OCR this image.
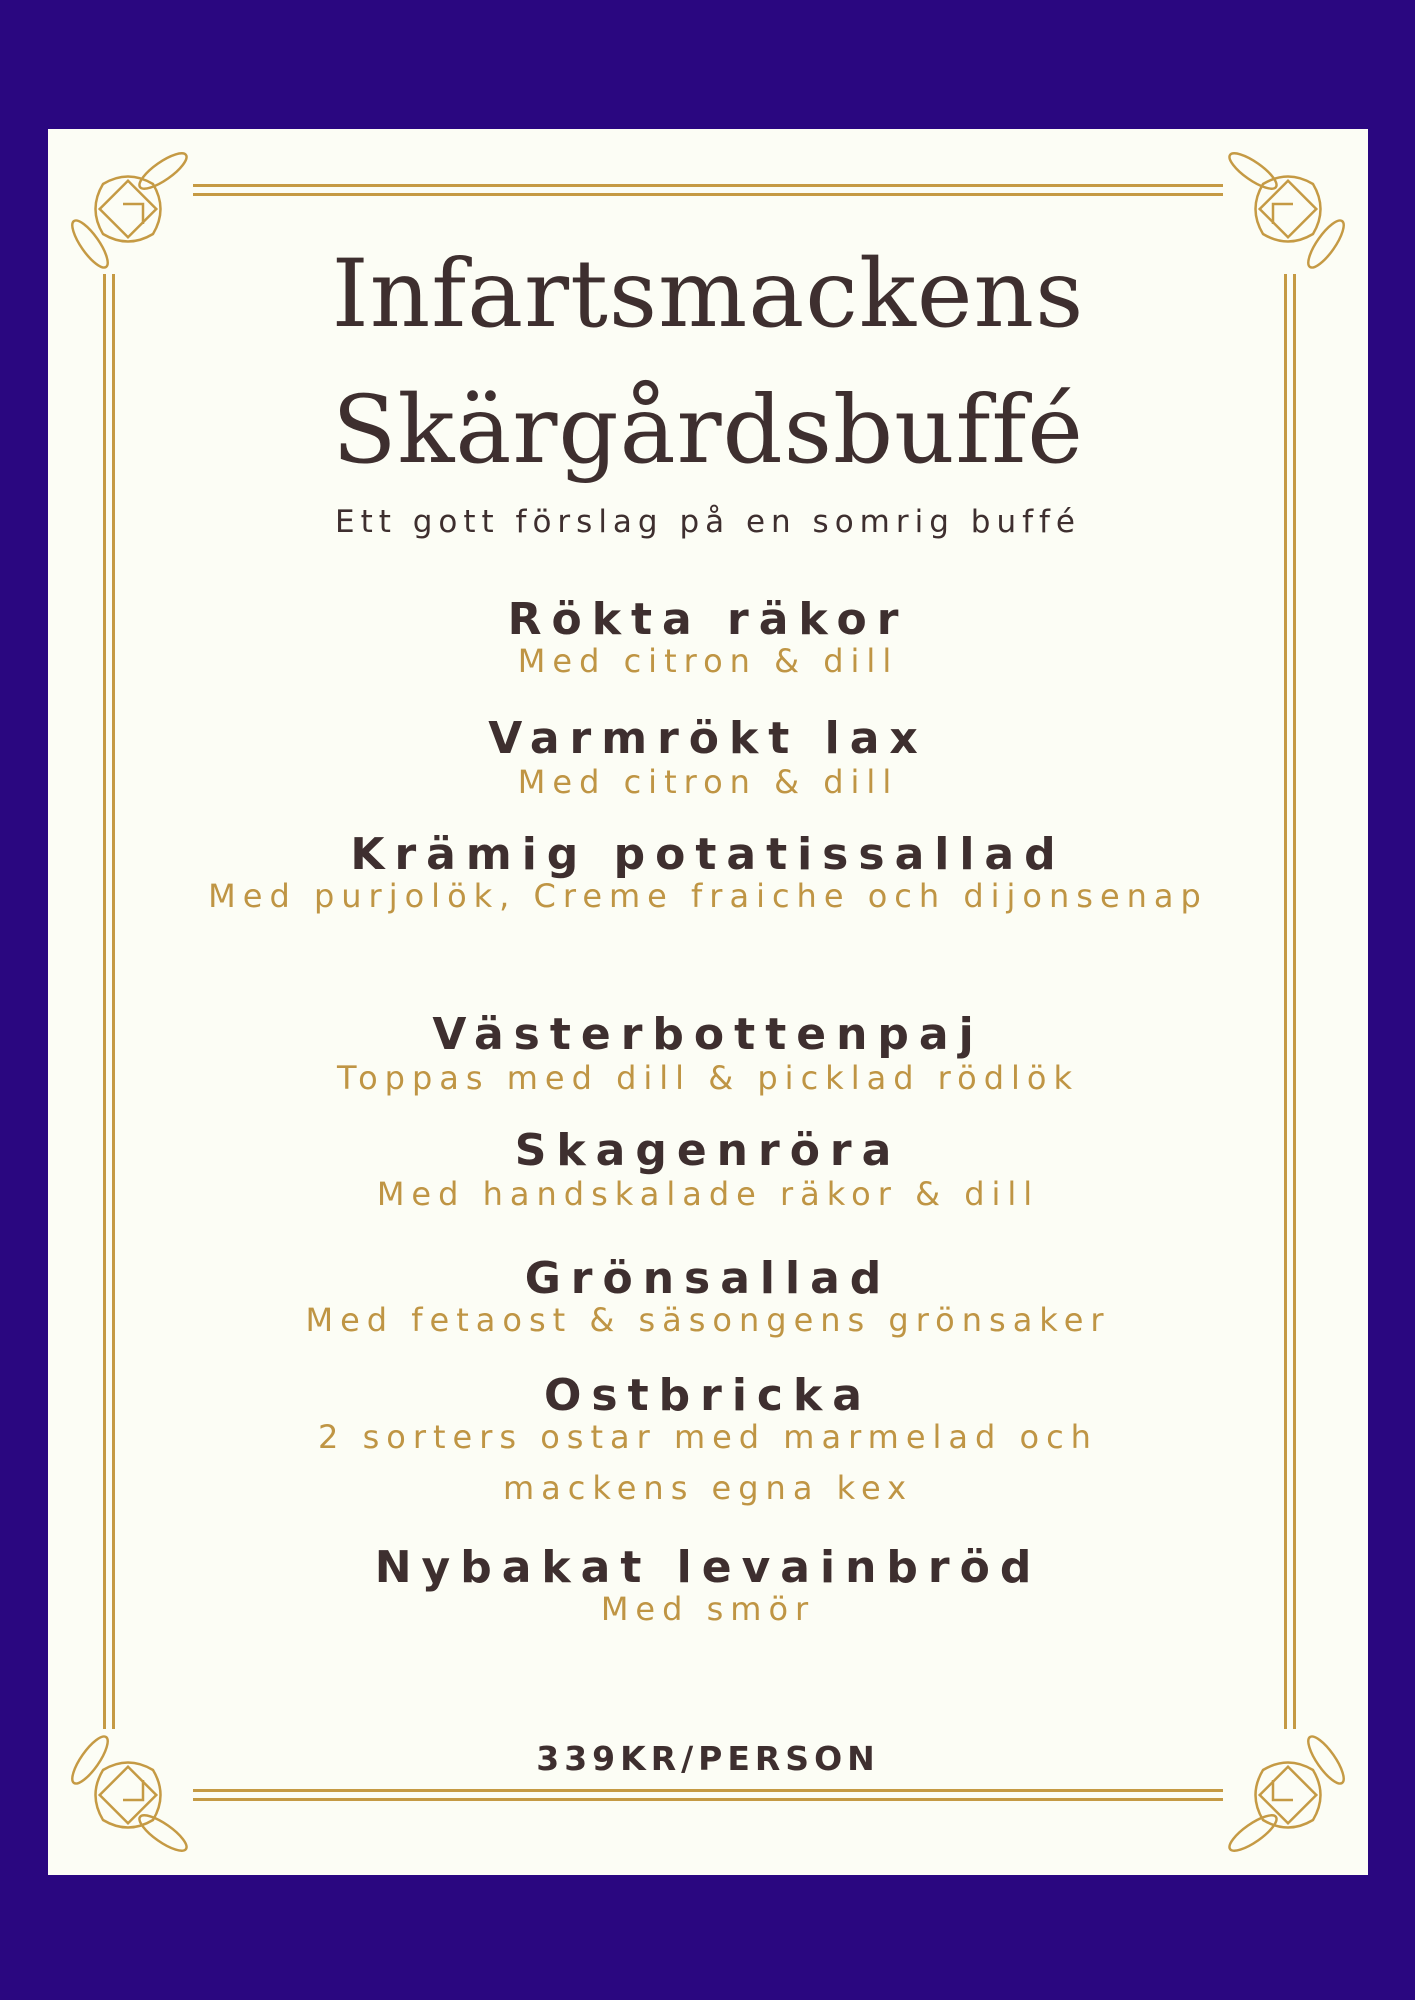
Infartsmackens
Skärgårdsbuffé
Ett gott förslag på en somrig buffé
Rökta räkor
Med citron & dill
Varmrökt lax
Med citron & dill
Krämig potatissallad
Med purjolök, Creme fraiche och dijonsenap
Västerbottenpaj
Toppas med dill & picklad rödlök
Skagenröra
Med handskalade räkor & dill
Grönsallad
Med fetaost & säsongens grönsaker
Ostbricka
2 sorters ostar med marmelad och mackens egna kex
Nybakat levainbröd
Med smör
339KR/PERSON
